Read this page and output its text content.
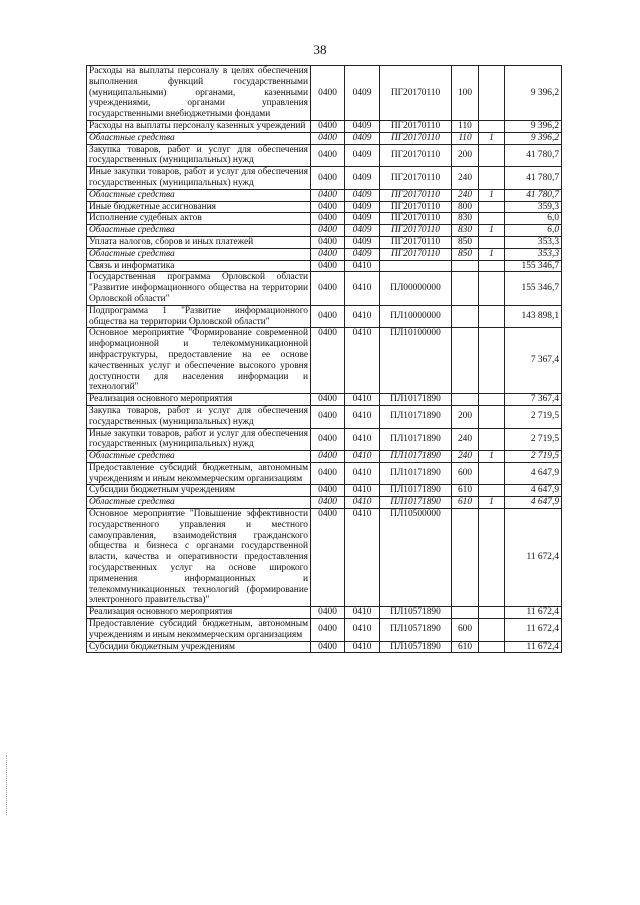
38
Расходы на выплаты персоналу в целях обеспечения выполнения функций государственными (муниципальными) органами, казенными учреждениями, органами управления государственными внебюджетными фондами	0400	0409	ПГ20170110	100		9 396,2
Расходы на выплаты персоналу казенных учреждений	0400	0409	ПГ20170110	110		9 396,2
Областные средства	0400	0409	ПГ20170110	110	1	9 396,2
Закупка товаров, работ и услуг для обеспечения государственных (муниципальных) нужд	0400	0409	ПГ20170110	200		41 780,7
Иные закупки товаров, работ и услуг для обеспечения государственных (муниципальных) нужд	0400	0409	ПГ20170110	240		41 780,7
Областные средства	0400	0409	ПГ20170110	240	1	41 780,7
Иные бюджетные ассигнования	0400	0409	ПГ20170110	800		359,3
Исполнение судебных актов	0400	0409	ПГ20170110	830		6,0
Областные средства	0400	0409	ПГ20170110	830	1	6,0
Уплата налогов, сборов и иных платежей	0400	0409	ПГ20170110	850		353,3
Областные средства	0400	0409	ПГ20170110	850	1	353,3
Связь и информатика	0400	0410				155 346,7
Государственная программа Орловской области "Развитие информационного общества на территории Орловской области"	0400	0410	ПЛ00000000			155 346,7
Подпрограмма 1 "Развитие информационного общества на территории Орловской области"	0400	0410	ПЛ10000000			143 898,1
Основное мероприятие "Формирование современной информационной и телекоммуникационной инфраструктуры, предоставление на ее основе качественных услуг и обеспечение высокого уровня доступности для населения информации и технологий"	0400	0410	ПЛ10100000			7 367,4
Реализация основного мероприятия	0400	0410	ПЛ10171890			7 367,4
Закупка товаров, работ и услуг для обеспечения государственных (муниципальных) нужд	0400	0410	ПЛ10171890	200		2 719,5
Иные закупки товаров, работ и услуг для обеспечения государственных (муниципальных) нужд	0400	0410	ПЛ10171890	240		2 719,5
Областные средства	0400	0410	ПЛ10171890	240	1	2 719,5
Предоставление субсидий бюджетным, автономным учреждениям и иным некоммерческим организациям	0400	0410	ПЛ10171890	600		4 647,9
Субсидии бюджетным учреждениям	0400	0410	ПЛ10171890	610		4 647,9
Областные средства	0400	0410	ПЛ10171890	610	1	4 647,9
Основное мероприятие "Повышение эффективности государственного управления и местного самоуправления, взаимодействия гражданского общества и бизнеса с органами государственной власти, качества и оперативности предоставления государственных услуг на основе широкого применения информационных и телекоммуникационных технологий (формирование электронного правительства)"	0400	0410	ПЛ10500000			11 672,4
Реализация основного мероприятия	0400	0410	ПЛ10571890			11 672,4
Предоставление субсидий бюджетным, автономным учреждениям и иным некоммерческим организациям	0400	0410	ПЛ10571890	600		11 672,4
Субсидии бюджетным учреждениям	0400	0410	ПЛ10571890	610		11 672,4
